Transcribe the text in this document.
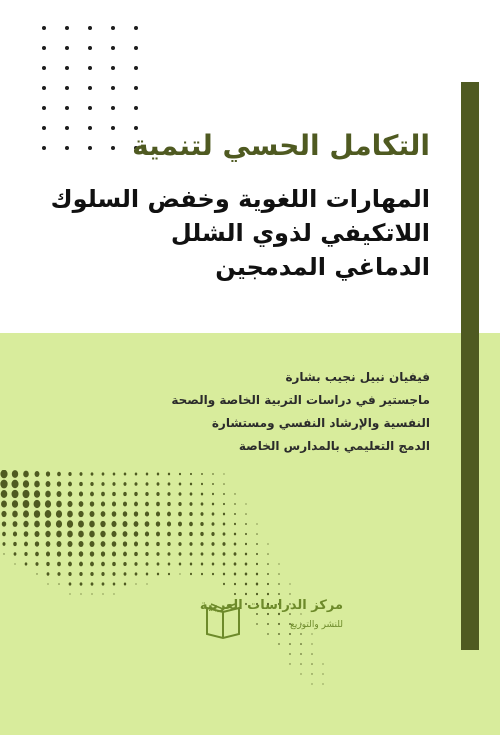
التكامل الحسي لتنمية
المهارات اللغوية وخفض السلوك
اللاتكيفي لذوي الشلل
الدماغي المدمجين
فيفيان نبيل نجيب بشارة
ماجستير في دراسات التربية الخاصة والصحة
النفسية والإرشاد النفسي ومستشارة
الدمج التعليمي بالمدارس الخاصة
مركز الدراسات العربية
للنشر والتوزيع
